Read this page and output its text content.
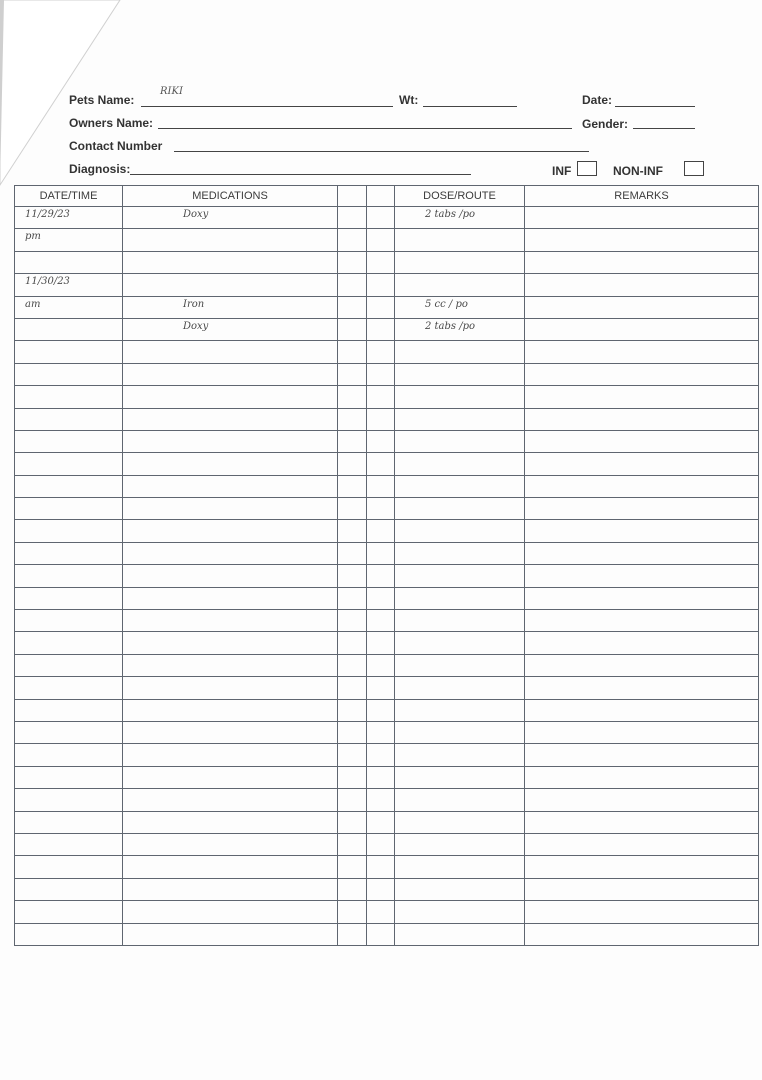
Pets Name:
RIKI
Wt:	Date:
Owners Name:	Gender:
Contact Number
Diagnosis:	INF	NON-INF
DATE/TIME	MEDICATIONS			DOSE/ROUTE	REMARKS

11/29/23	Doxy			2 tabs /po	

pm					

11/30/23					

am	Iron			5 cc / po	

	Doxy			2 tabs /po	
